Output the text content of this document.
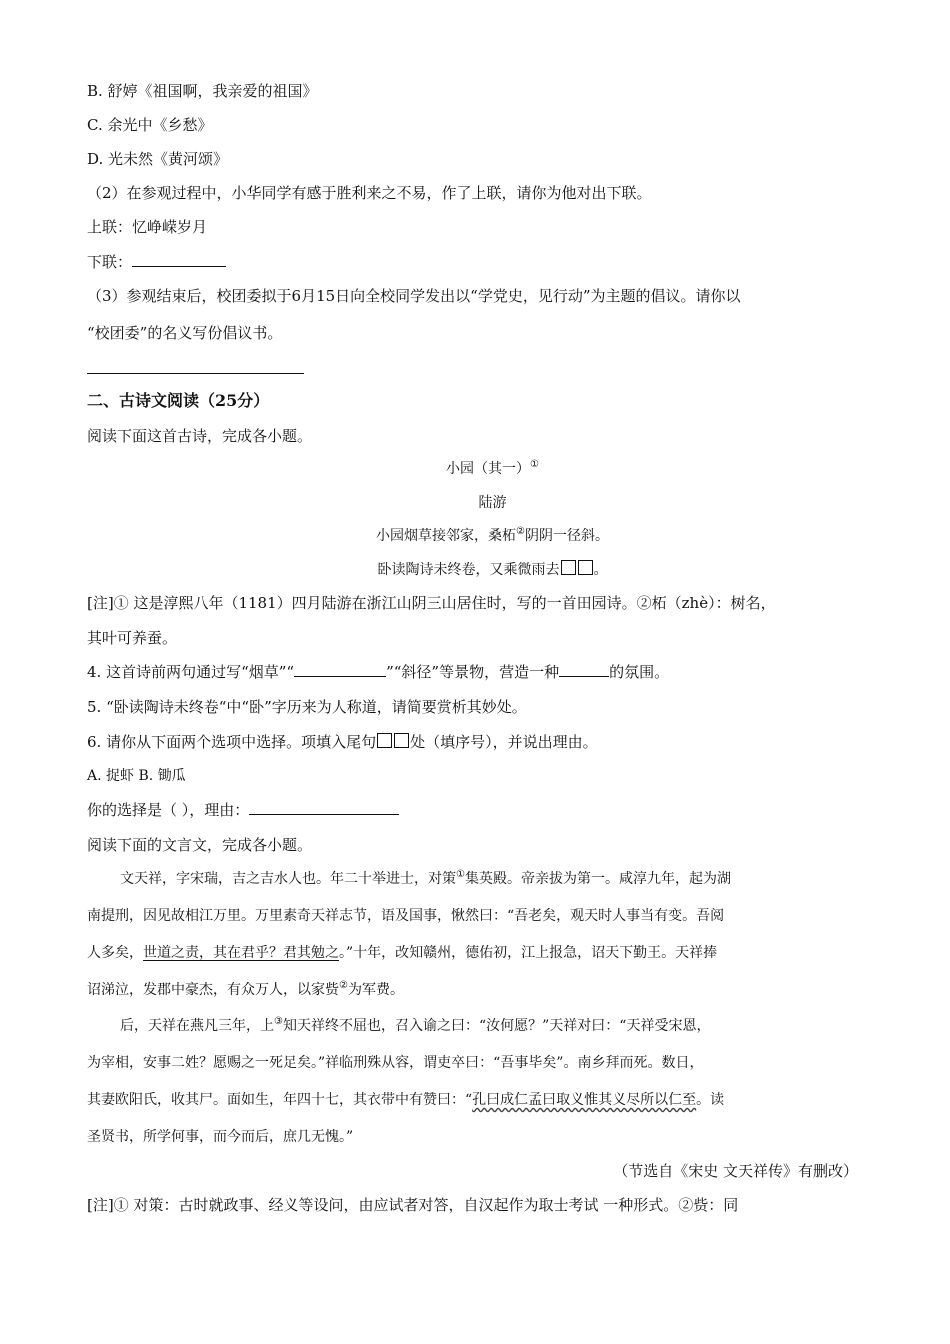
B. 舒婷《祖国啊，我亲爱的祖国》
C. 余光中《乡愁》
D. 光未然《黄河颂》
（2）在参观过程中，小华同学有感于胜利来之不易，作了上联，请你为他对出下联。
上联：忆峥嵘岁月
下联：
（3）参观结束后，校团委拟于6月15日向全校同学发出以“学党史，见行动”为主题的倡议。请你以
“校团委”的名义写份倡议书。
二、古诗文阅读（25分）
阅读下面这首古诗，完成各小题。
小园（其一）①
陆游
小园烟草接邻家，桑柘②阴阴一径斜。
卧读陶诗未终卷，又乘微雨去 。
[注]① 这是淳熙八年（1181）四月陆游在浙江山阴三山居住时，写的一首田园诗。②柘（zhè）：树名，
其叶可养蚕。
4. 这首诗前两句通过写“烟草”“	”“斜径”等景物，营造一种	的氛围。
5. “卧读陶诗未终卷“中“卧”字历来为人称道，请简要赏析其妙处。
6. 请你从下面两个选项中选择。项填入尾句 处（填序号），并说出理由。
A. 捉虾 B. 锄瓜
你的选择是（ ），理由：
阅读下面的文言文，完成各小题。
文天祥，字宋瑞，吉之吉水人也。年二十举进士，对策①集英殿。帝亲拔为第一。咸淳九年，起为湖
南提刑，因见故相江万里。万里素奇天祥志节，语及国事，愀然曰：“吾老矣，观天时人事当有变。吾阅
人多矣，世道之责，其在君乎？君其勉之。”十年，改知赣州，德佑初，江上报急，诏天下勤王。天祥捧
诏涕泣，发郡中豪杰，有众万人，以家赀②为军费。
后，天祥在燕凡三年，上③知天祥终不屈也，召入谕之曰：“汝何愿？”天祥对曰：“天祥受宋恩，
为宰相，安事二姓？愿赐之一死足矣。”祥临刑殊从容，谓吏卒曰：“吾事毕矣”。南乡拜而死。数日，
其妻欧阳氏，收其尸。面如生，年四十七，其衣带中有赞曰：“孔曰成仁孟曰取义惟其义尽所以仁至。读
圣贤书，所学何事，而今而后，庶几无愧。”
（节选自《宋史 文天祥传》有删改）
[注]① 对策：古时就政事、经义等设问，由应试者对答，自汉起作为取士考试 一种形式。②赀：同
